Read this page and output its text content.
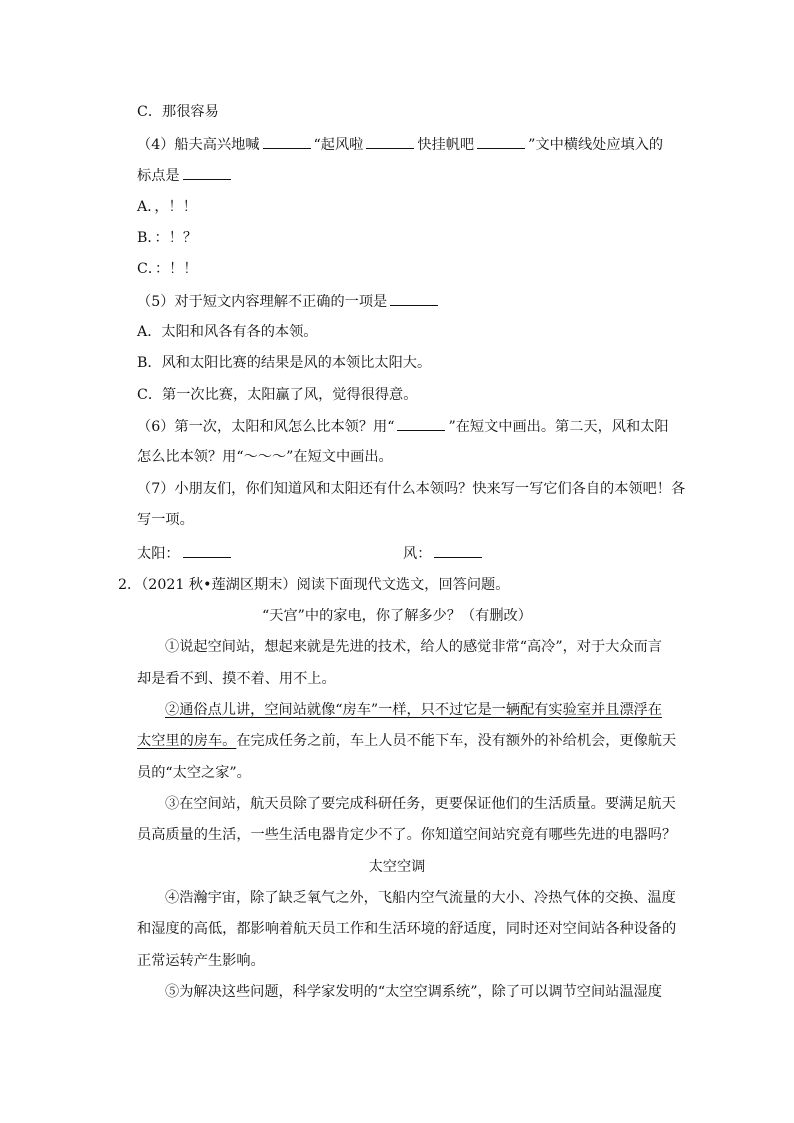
C．那很容易
（4）船夫高兴地喊	“起风啦	快挂帆吧	”文中横线处应填入的
标点是
A．，！！
B．：！？
C．：！！
（5）对于短文内容理解不正确的一项是
A．太阳和风各有各的本领。
B．风和太阳比赛的结果是风的本领比太阳大。
C．第一次比赛，太阳赢了风，觉得很得意。
（6）第一次，太阳和风怎么比本领？用“	”在短文中画出。第二天，风和太阳
怎么比本领？用“～～～”在短文中画出。
（7）小朋友们，你们知道风和太阳还有什么本领吗？快来写一写它们各自的本领吧！各
写一项。
太阳：	风：
2．（2021 秋•莲湖区期末）阅读下面现代文选文，回答问题。
“天宫”中的家电，你了解多少？（有删改）
①说起空间站，想起来就是先进的技术，给人的感觉非常“高冷”，对于大众而言
却是看不到、摸不着、用不上。
②通俗点儿讲，空间站就像“房车”一样，只不过它是一辆配有实验室并且漂浮在
太空里的房车。在完成任务之前，车上人员不能下车，没有额外的补给机会，更像航天
员的“太空之家”。
③在空间站，航天员除了要完成科研任务，更要保证他们的生活质量。要满足航天
员高质量的生活，一些生活电器肯定少不了。你知道空间站究竟有哪些先进的电器吗？
太空空调
④浩瀚宇宙，除了缺乏氧气之外，飞船内空气流量的大小、冷热气体的交换、温度
和湿度的高低，都影响着航天员工作和生活环境的舒适度，同时还对空间站各种设备的
正常运转产生影响。
⑤为解决这些问题，科学家发明的“太空空调系统”，除了可以调节空间站温湿度
